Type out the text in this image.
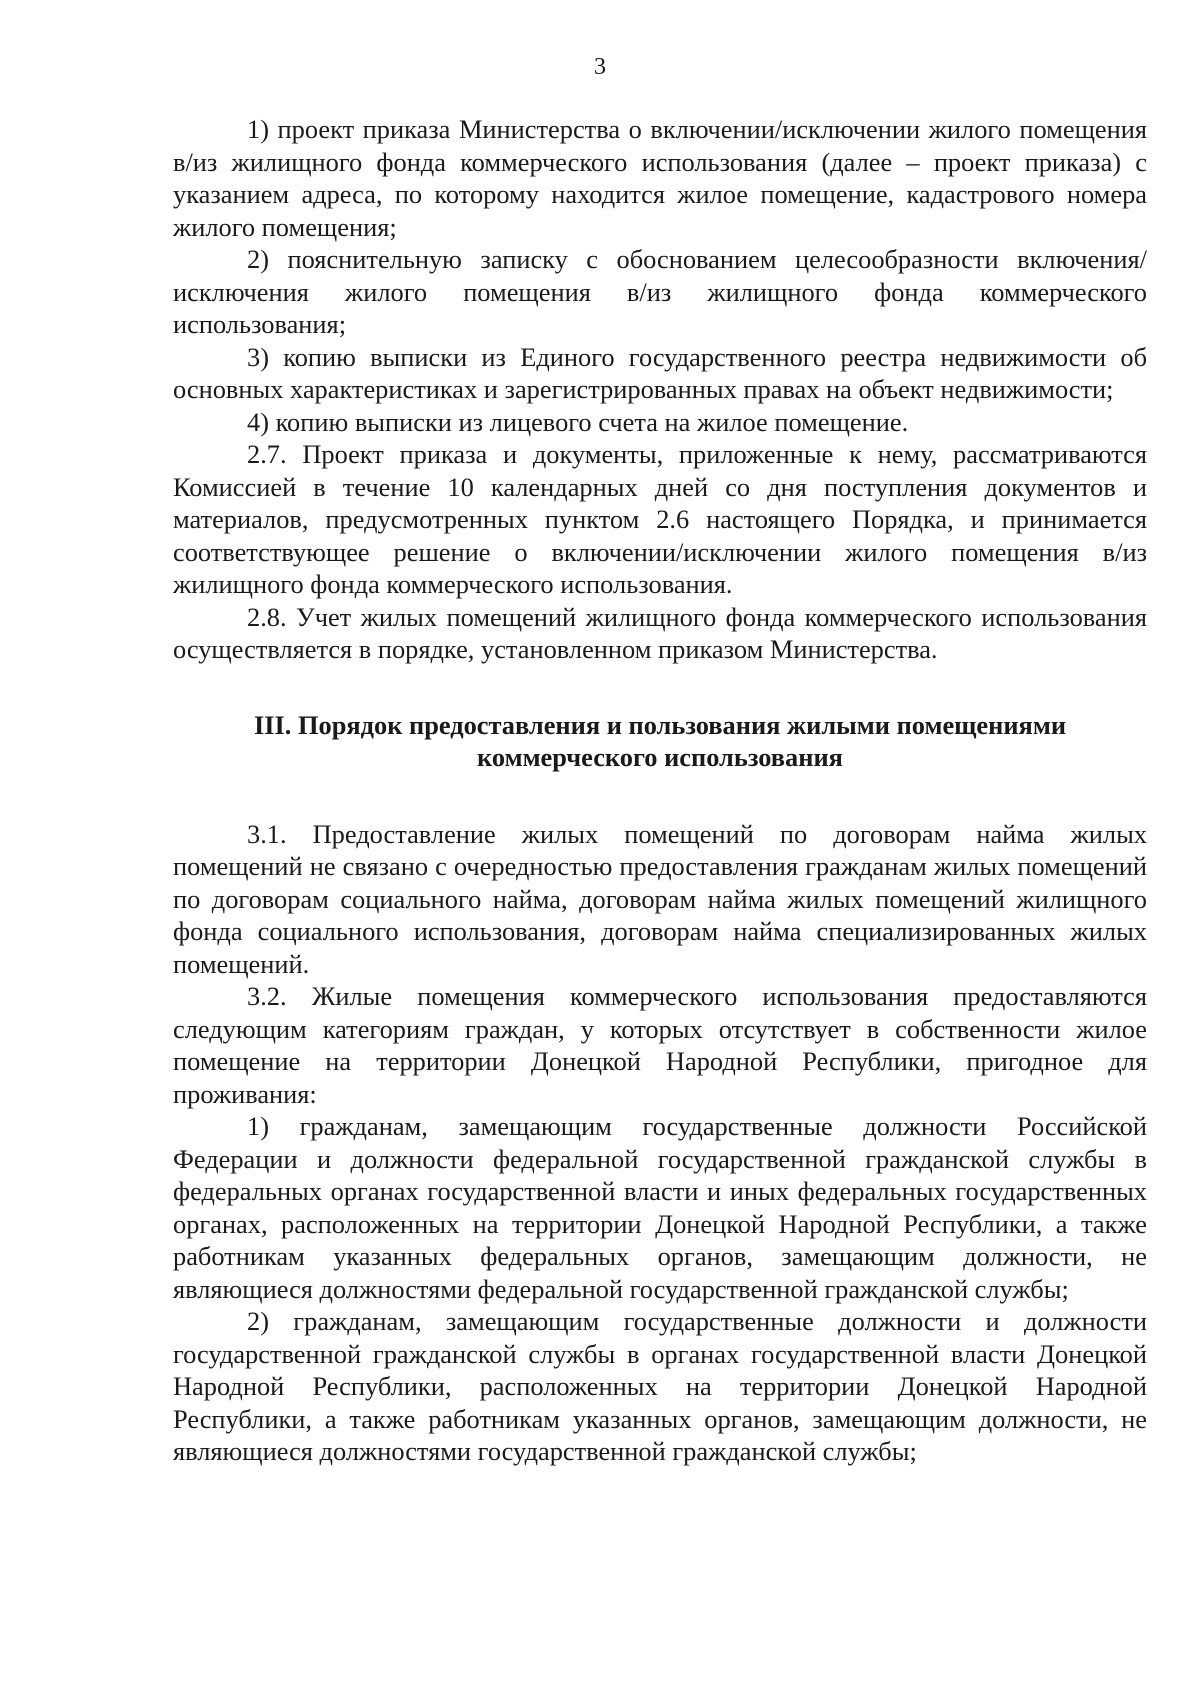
3

1) проект приказа Министерства о включении/исключении жилого помещения в/из жилищного фонда коммерческого использования (далее – проект приказа) с указанием адреса, по которому находится жилое помещение, кадастрового номера жилого помещения;

2) пояснительную записку с обоснованием целесообразности включения/исключения жилого помещения в/из жилищного фонда коммерческого использования;

3) копию выписки из Единого государственного реестра недвижимости об основных характеристиках и зарегистрированных правах на объект недвижимости;

4) копию выписки из лицевого счета на жилое помещение.

2.7. Проект приказа и документы, приложенные к нему, рассматриваются Комиссией в течение 10 календарных дней со дня поступления документов и материалов, предусмотренных пунктом 2.6 настоящего Порядка, и принимается соответствующее решение о включении/исключении жилого помещения в/из жилищного фонда коммерческого использования.

2.8. Учет жилых помещений жилищного фонда коммерческого использования осуществляется в порядке, установленном приказом Министерства.

III. Порядок предоставления и пользования жилыми помещениями
коммерческого использования

3.1. Предоставление жилых помещений по договорам найма жилых помещений не связано с очередностью предоставления гражданам жилых помещений по договорам социального найма, договорам найма жилых помещений жилищного фонда социального использования, договорам найма специализированных жилых помещений.

3.2. Жилые помещения коммерческого использования предоставляются следующим категориям граждан, у которых отсутствует в собственности жилое помещение на территории Донецкой Народной Республики, пригодное для проживания:

1) гражданам, замещающим государственные должности Российской Федерации и должности федеральной государственной гражданской службы в федеральных органах государственной власти и иных федеральных государственных органах, расположенных на территории Донецкой Народной Республики, а также работникам указанных федеральных органов, замещающим должности, не являющиеся должностями федеральной государственной гражданской службы;

2) гражданам, замещающим государственные должности и должности государственной гражданской службы в органах государственной власти Донецкой Народной Республики, расположенных на территории Донецкой Народной Республики, а также работникам указанных органов, замещающим должности, не являющиеся должностями государственной гражданской службы;
